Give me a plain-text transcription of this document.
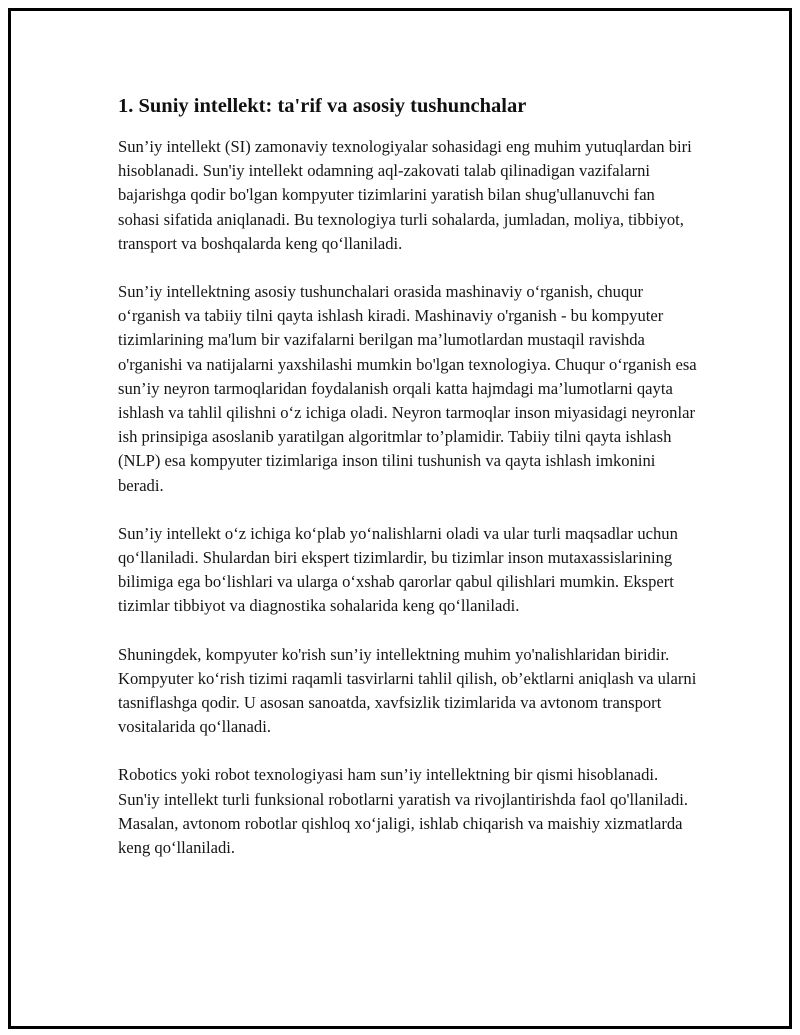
1. Suniy intellekt: ta'rif va asosiy tushunchalar

Sun’iy intellekt (SI) zamonaviy texnologiyalar sohasidagi eng muhim yutuqlardan biri hisoblanadi. Sun'iy intellekt odamning aql-zakovati talab qilinadigan vazifalarni bajarishga qodir bo'lgan kompyuter tizimlarini yaratish bilan shug'ullanuvchi fan sohasi sifatida aniqlanadi. Bu texnologiya turli sohalarda, jumladan, moliya, tibbiyot, transport va boshqalarda keng qo‘llaniladi.

Sun’iy intellektning asosiy tushunchalari orasida mashinaviy o‘rganish, chuqur o‘rganish va tabiiy tilni qayta ishlash kiradi. Mashinaviy o'rganish - bu kompyuter tizimlarining ma'lum bir vazifalarni berilgan ma’lumotlardan mustaqil ravishda o'rganishi va natijalarni yaxshilashi mumkin bo'lgan texnologiya. Chuqur o‘rganish esa sun’iy neyron tarmoqlaridan foydalanish orqali katta hajmdagi ma’lumotlarni qayta ishlash va tahlil qilishni o‘z ichiga oladi. Neyron tarmoqlar inson miyasidagi neyronlar ish prinsipiga asoslanib yaratilgan algoritmlar to’plamidir. Tabiiy tilni qayta ishlash (NLP) esa kompyuter tizimlariga inson tilini tushunish va qayta ishlash imkonini beradi.

Sun’iy intellekt o‘z ichiga ko‘plab yo‘nalishlarni oladi va ular turli maqsadlar uchun qo‘llaniladi. Shulardan biri ekspert tizimlardir, bu tizimlar inson mutaxassislarining bilimiga ega bo‘lishlari va ularga o‘xshab qarorlar qabul qilishlari mumkin. Ekspert tizimlar tibbiyot va diagnostika sohalarida keng qo‘llaniladi.

Shuningdek, kompyuter ko'rish sun’iy intellektning muhim yo'nalishlaridan biridir. Kompyuter ko‘rish tizimi raqamli tasvirlarni tahlil qilish, ob’ektlarni aniqlash va ularni tasniflashga qodir. U asosan sanoatda, xavfsizlik tizimlarida va avtonom transport vositalarida qo‘llanadi.

Robotics yoki robot texnologiyasi ham sun’iy intellektning bir qismi hisoblanadi. Sun'iy intellekt turli funksional robotlarni yaratish va rivojlantirishda faol qo'llaniladi. Masalan, avtonom robotlar qishloq xo‘jaligi, ishlab chiqarish va maishiy xizmatlarda keng qo‘llaniladi.
